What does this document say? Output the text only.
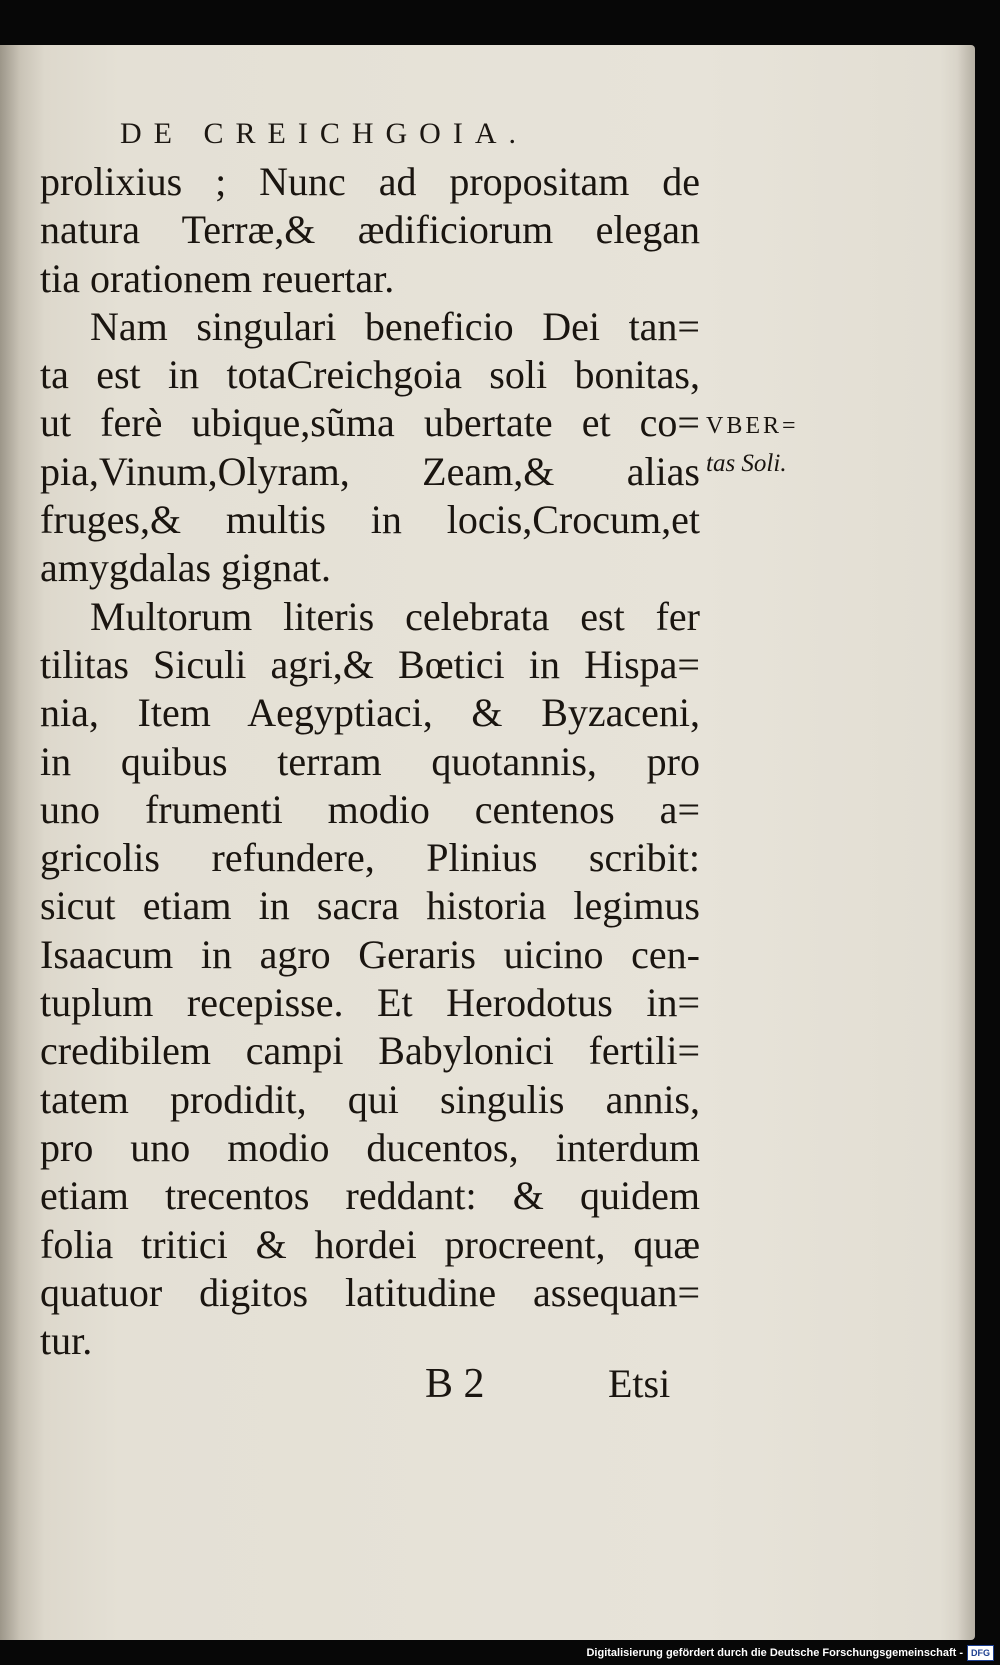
DE CREICHGOIA.
prolixius ; Nunc ad propositam de
natura Terræ,& ædificiorum elegan
tia orationem reuertar.
Nam singulari beneficio Dei tan=
ta est in totaCreichgoia soli bonitas,
ut ferè ubique,sũma ubertate et co=
pia,Vinum,Olyram, Zeam,& alias
fruges,& multis in locis,Crocum,et
amygdalas gignat.
Multorum literis celebrata est fer
tilitas Siculi agri,& Bœtici in Hispa=
nia, Item Aegyptiaci, & Byzaceni,
in quibus terram quotannis, pro
uno frumenti modio centenos a=
gricolis refundere, Plinius scribit:
sicut etiam in sacra historia legimus
Isaacum in agro Geraris uicino cen-
tuplum recepisse. Et Herodotus in=
credibilem campi Babylonici fertili=
tatem prodidit, qui singulis annis,
pro uno modio ducentos, interdum
etiam trecentos reddant: & quidem
folia tritici & hordei procreent, quæ
quatuor digitos latitudine assequan=
tur.
VBER=
tas Soli.
B 2	Etsi
Digitalisierung gefördert durch die Deutsche Forschungsgemeinschaft - DFG
